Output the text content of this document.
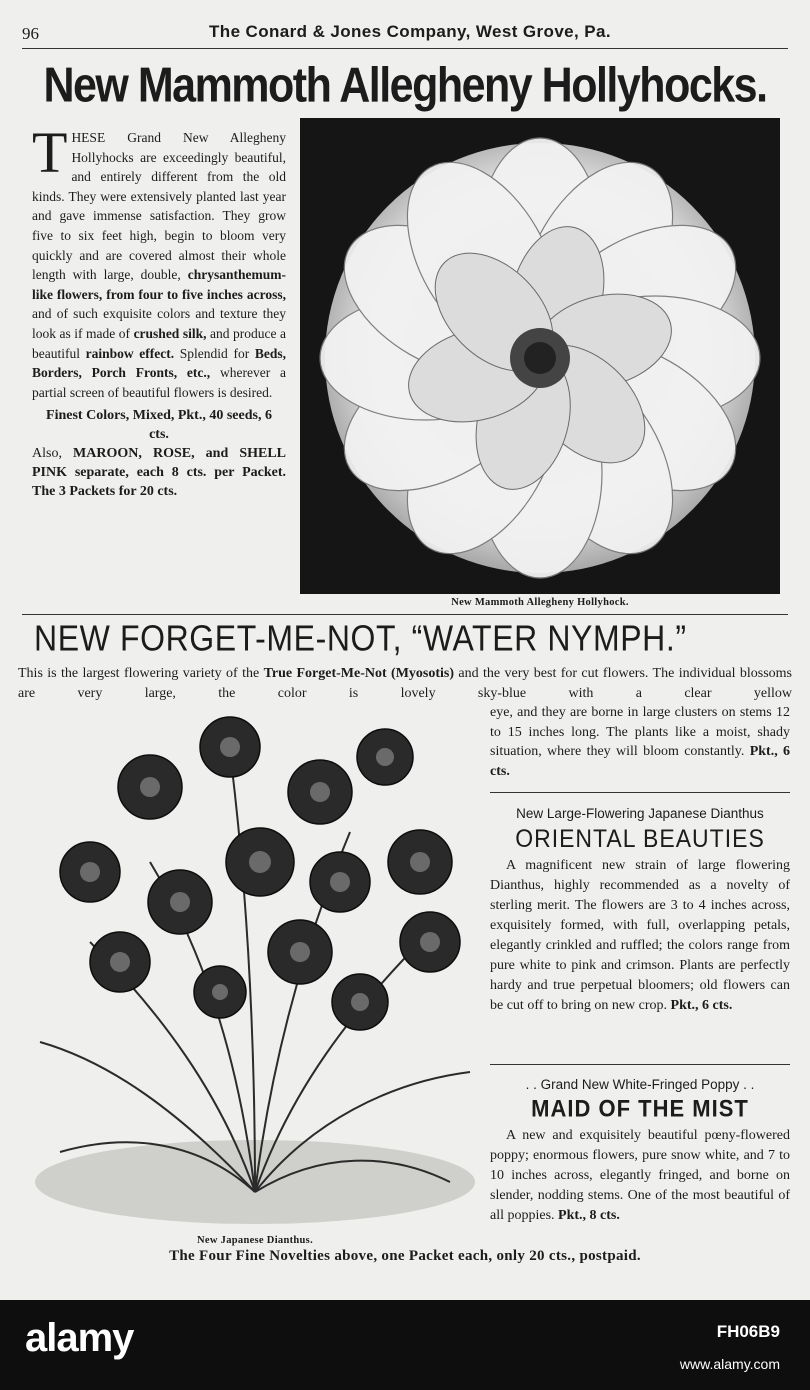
96	The Conard & Jones Company, West Grove, Pa.
New Mammoth Allegheny Hollyhocks.

THESE Grand New Allegheny Hollyhocks are exceedingly beautiful, and entirely different from the old kinds. They were extensively planted last year and gave immense satisfaction. They grow five to six feet high, begin to bloom very quickly and are covered almost their whole length with large, double, chrysanthemum-like flowers, from four to five inches across, and of such exquisite colors and texture they look as if made of crushed silk, and produce a beautiful rainbow effect. Splendid for Beds, Borders, Porch Fronts, etc., wherever a partial screen of beautiful flowers is desired.

Finest Colors, Mixed, Pkt., 40 seeds, 6 cts.

Also, MAROON, ROSE, and SHELL PINK separate, each 8 cts. per Packet. The 3 Packets for 20 cts.

New Mammoth Allegheny Hollyhock.
NEW FORGET-ME-NOT, “WATER NYMPH.”
This is the largest flowering variety of the True Forget-Me-Not (Myosotis) and the very best for cut flowers. The individual blossoms are very large, the color is lovely sky-blue with a clear yellow
eye, and they are borne in large clusters on stems 12 to 15 inches long. The plants like a moist, shady situation, where they will bloom constantly. Pkt., 6 cts.
New Japanese Dianthus.
New Large-Flowering Japanese Dianthus
ORIENTAL BEAUTIES
A magnificent new strain of large flowering Dianthus, highly recommended as a novelty of sterling merit. The flowers are 3 to 4 inches across, exquisitely formed, with full, overlapping petals, elegantly crinkled and ruffled; the colors range from pure white to pink and crimson. Plants are perfectly hardy and true perpetual bloomers; old flowers can be cut off to bring on new crop. Pkt., 6 cts.
. . Grand New White-Fringed Poppy . .
MAID OF THE MIST
A new and exquisitely beautiful pœny-flowered poppy; enormous flowers, pure snow white, and 7 to 10 inches across, elegantly fringed, and borne on slender, nodding stems. One of the most beautiful of all poppies. Pkt., 8 cts.
The Four Fine Novelties above, one Packet each, only 20 cts., postpaid.
alamy	FH06B9
www.alamy.com
